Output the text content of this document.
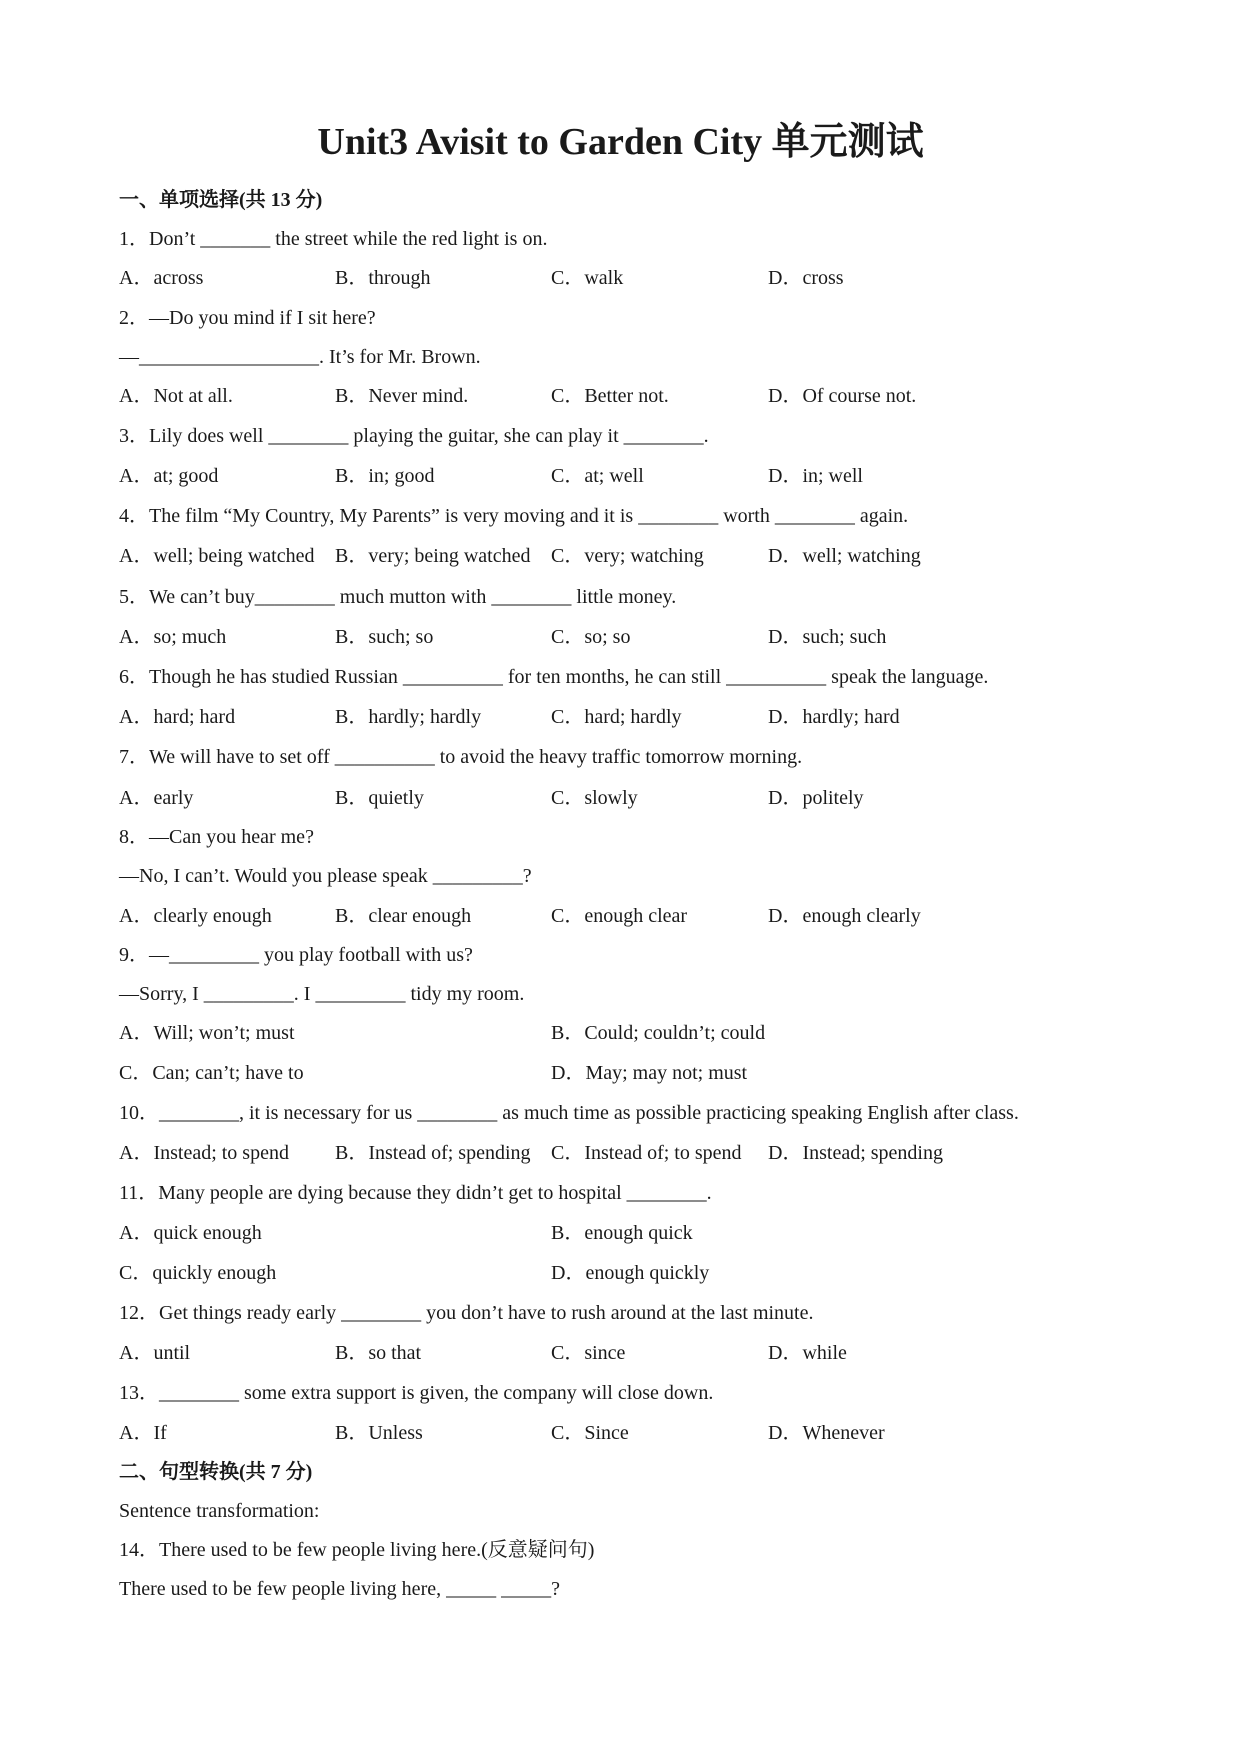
Unit3 Avisit to Garden City 单元测试
一、单项选择(共 13 分)
1．Don’t _______ the street while the red light is on.
A．across	B．through	C．walk	D．cross
2．—Do you mind if I sit here?
—__________________. It’s for Mr. Brown.
A．Not at all.	B．Never mind.	C．Better not.	D．Of course not.
3．Lily does well ________ playing the guitar, she can play it ________.
A．at; good	B．in; good	C．at; well	D．in; well
4．The film “My Country, My Parents” is very moving and it is ________ worth ________ again.
A．well; being watched B．very; being watched C．very; watching	D．well; watching
5．We can’t buy________ much mutton with ________ little money.
A．so; much	B．such; so	C．so; so	D．such; such
6．Though he has studied Russian __________ for ten months, he can still __________ speak the language.
A．hard; hard	B．hardly; hardly	C．hard; hardly	D．hardly; hard
7．We will have to set off __________ to avoid the heavy traffic tomorrow morning.
A．early	B．quietly	C．slowly	D．politely
8．—Can you hear me?
—No, I can’t. Would you please speak _________?
A．clearly enough	B．clear enough	C．enough clear	D．enough clearly
9．—_________ you play football with us?
—Sorry, I _________. I _________ tidy my room.
A．Will; won’t; must	B．Could; couldn’t; could
C．Can; can’t; have to	D．May; may not; must
10．________, it is necessary for us ________ as much time as possible practicing speaking English after class.
A．Instead; to spend B．Instead of; spending C．Instead of; to spend D．Instead; spending
11．Many people are dying because they didn’t get to hospital ________.
A．quick enough	B．enough quick
C．quickly enough	D．enough quickly
12．Get things ready early ________ you don’t have to rush around at the last minute.
A．until	B．so that	C．since	D．while
13．________ some extra support is given, the company will close down.
A．If	B．Unless	C．Since	D．Whenever
二、句型转换(共 7 分)
Sentence transformation:
14．There used to be few people living here.(反意疑问句)
There used to be few people living here, _____ _____?
